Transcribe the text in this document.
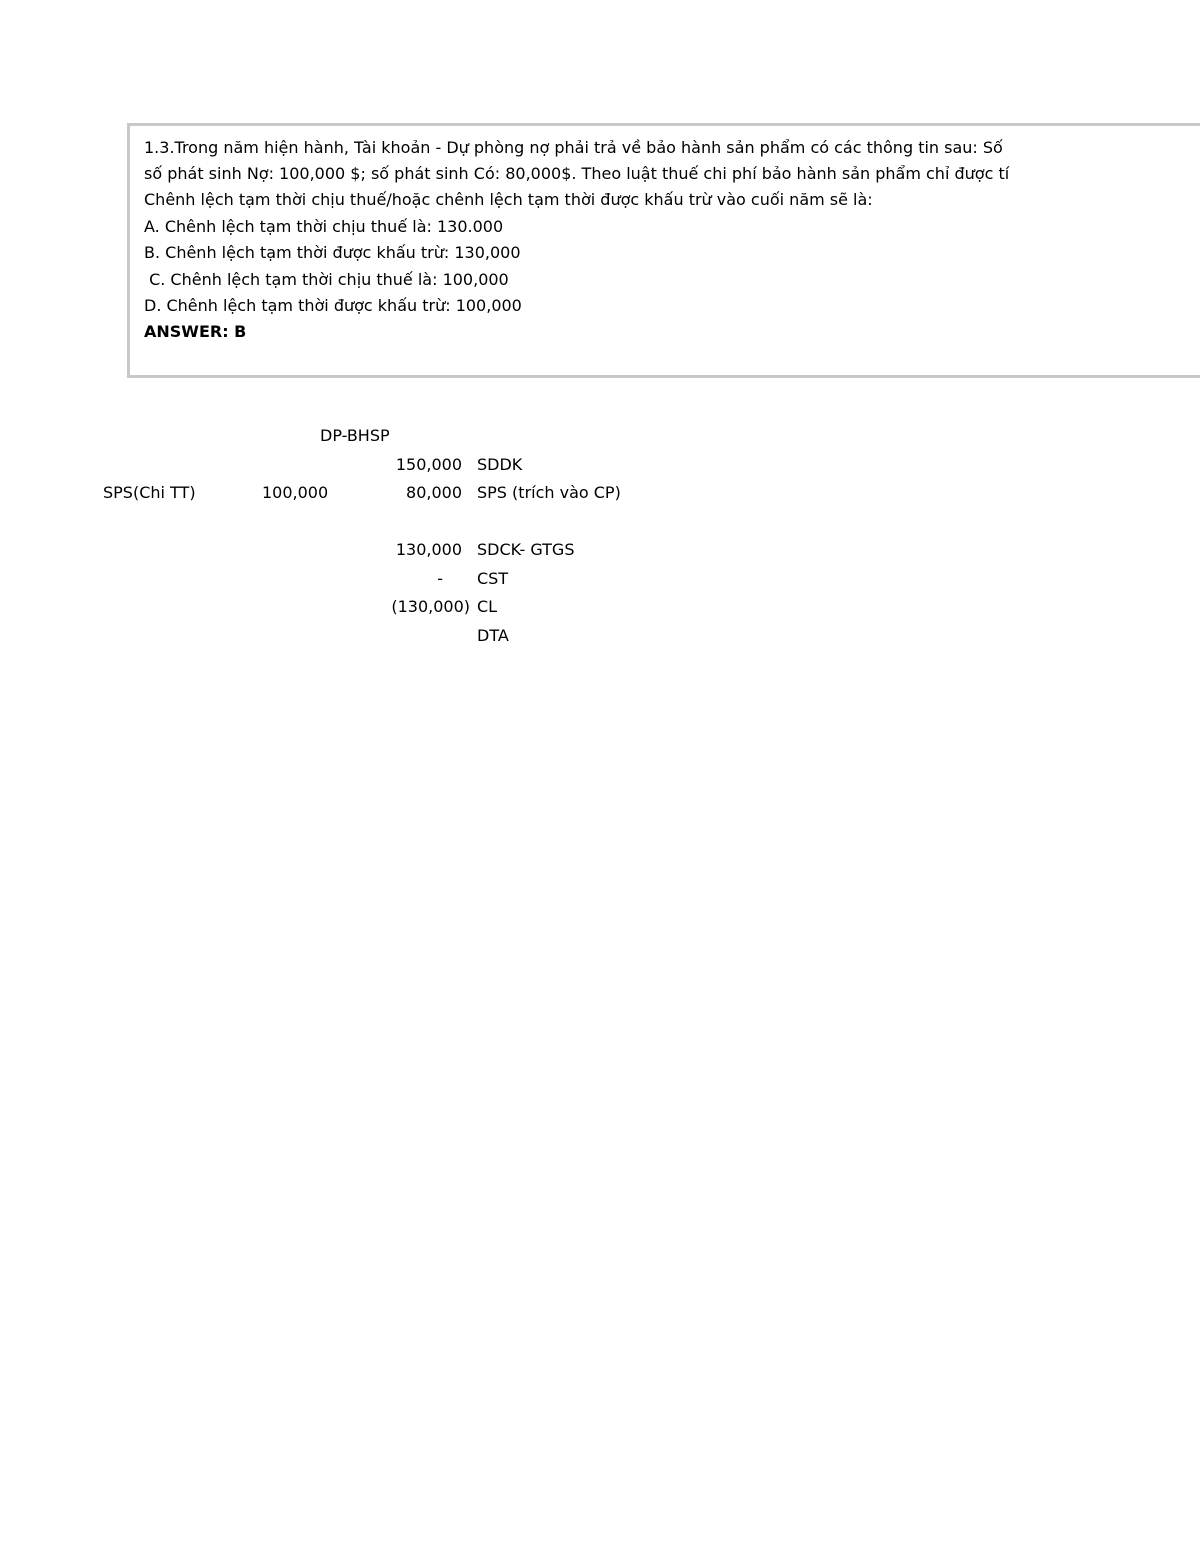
1.3.Trong năm hiện hành, Tài khoản - Dự phòng nợ phải trả về bảo hành sản phẩm có các thông tin sau: Số
số phát sinh Nợ: 100,000 $; số phát sinh Có: 80,000$. Theo luật thuế chi phí bảo hành sản phẩm chỉ được tí
Chênh lệch tạm thời chịu thuế/hoặc chênh lệch tạm thời được khấu trừ vào cuối năm sẽ là:
A. Chênh lệch tạm thời chịu thuế là: 130.000
B. Chênh lệch tạm thời được khấu trừ: 130,000
C. Chênh lệch tạm thời chịu thuế là: 100,000
D. Chênh lệch tạm thời được khấu trừ: 100,000
ANSWER: B
DP-BHSP
150,000 SDDK
SPS(Chi TT)	100,000	80,000 SPS (trích vào CP)
130,000 SDCK- GTGS
- CST
(130,000) CL
DTA
